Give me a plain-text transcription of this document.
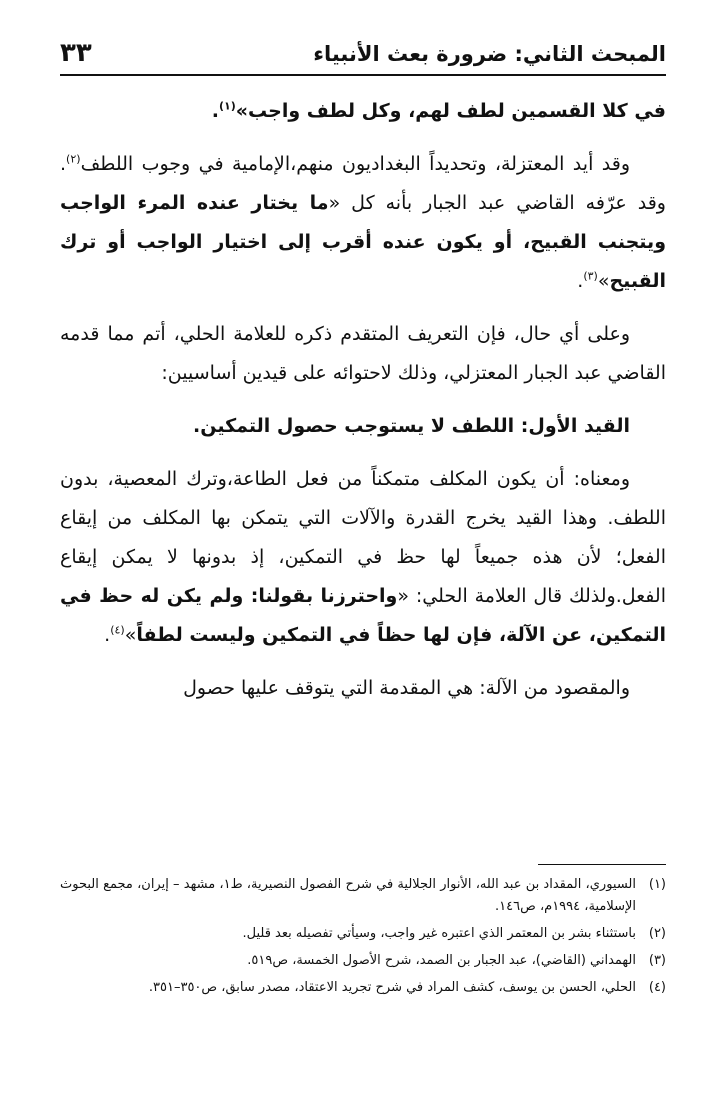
المبحث الثاني: ضرورة بعث الأنبياء
٣٣

في كلا القسمين لطف لهم، وكل لطف واجب»$^{(١)}$.

وقد أيد المعتزلة، وتحديداً البغداديون منهم،الإمامية في وجوب اللطف$^{(٢)}$. وقد عرّفه القاضي عبد الجبار بأنه كل «ما يختار عنده المرء الواجب ويتجنب القبيح، أو يكون عنده أقرب إلى اختيار الواجب أو ترك القبيح»$^{(٣)}$.

وعلى أي حال، فإن التعريف المتقدم ذكره للعلامة الحلي، أتم مما قدمه القاضي عبد الجبار المعتزلي، وذلك لاحتوائه على قيدين أساسيين:

القيد الأول: اللطف لا يستوجب حصول التمكين.

ومعناه: أن يكون المكلف متمكناً من فعل الطاعة،وترك المعصية، بدون اللطف. وهذا القيد يخرج القدرة والآلات التي يتمكن بها المكلف من إيقاع الفعل؛ لأن هذه جميعاً لها حظ في التمكين، إذ بدونها لا يمكن إيقاع الفعل.ولذلك قال العلامة الحلي: «واحترزنا بقولنا: ولم يكن له حظ في التمكين، عن الآلة، فإن لها حظاً في التمكين وليست لطفاً»$^{(٤)}$.

والمقصود من الآلة: هي المقدمة التي يتوقف عليها حصول

(١)
السيوري، المقداد بن عبد الله، الأنوار الجلالية في شرح الفصول النصيرية، ط١، مشهد – إيران، مجمع البحوث الإسلامية، ١٩٩٤م، ص١٤٦.
(٢)
باستثناء بشر بن المعتمر الذي اعتبره غير واجب، وسيأتي تفصيله بعد قليل.
(٣)
الهمداني (القاضي)، عبد الجبار بن الصمد، شرح الأصول الخمسة، ص٥١٩.
(٤)
الحلي، الحسن بن يوسف، كشف المراد في شرح تجريد الاعتقاد، مصدر سابق، ص٣٥٠–٣٥١.
